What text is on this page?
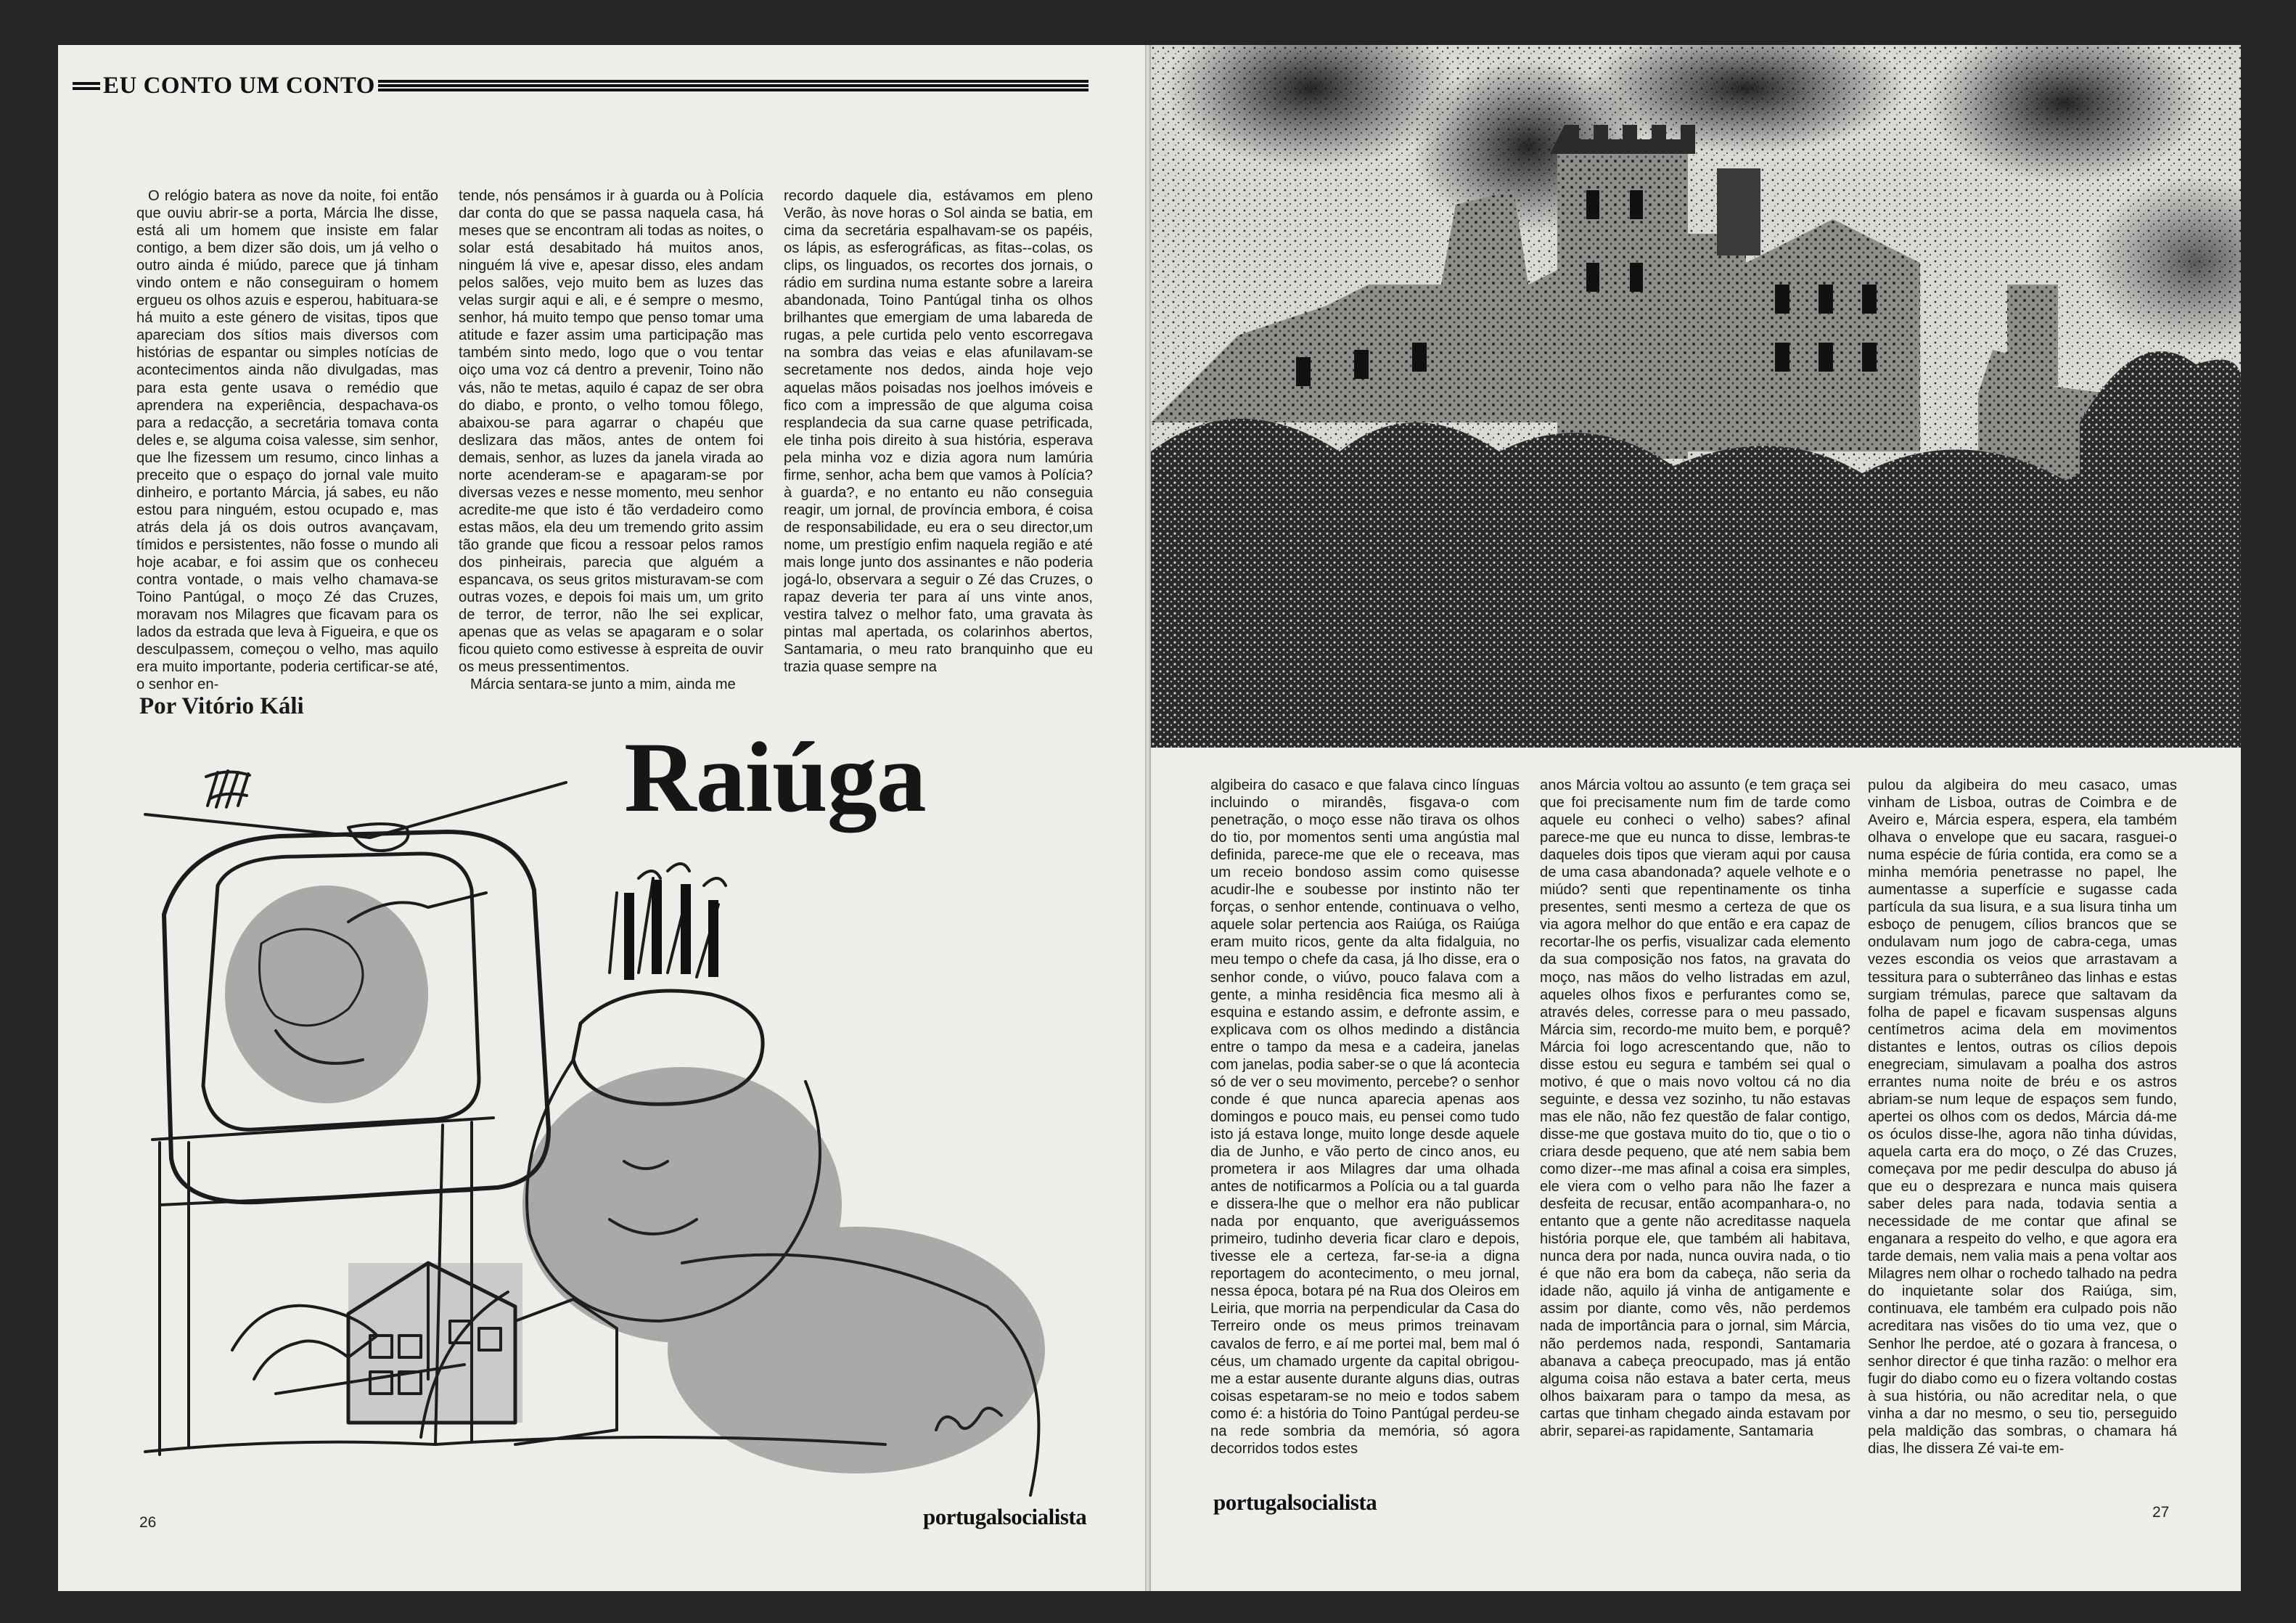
EU CONTO UM CONTO

O relógio batera as nove da noite, foi então que ouviu abrir-se a porta, Márcia lhe disse, está ali um homem que insiste em falar contigo, a bem dizer são dois, um já velho o outro ainda é miúdo, parece que já tinham vindo ontem e não conseguiram o homem ergueu os olhos azuis e esperou, habituara-se há muito a este género de visitas, tipos que apareciam dos sítios mais diversos com histórias de espantar ou simples notícias de acontecimentos ainda não divulgadas, mas para esta gente usava o remédio que aprendera na experiência, despachava-os para a redacção, a secretária tomava conta deles e, se alguma coisa valesse, sim senhor, que lhe fizessem um resumo, cinco linhas a preceito que o espaço do jornal vale muito dinheiro, e portanto Márcia, já sabes, eu não estou para ninguém, estou ocupado e, mas atrás dela já os dois outros avançavam, tímidos e persistentes, não fosse o mundo ali hoje acabar, e foi assim que os conheceu contra vontade, o mais velho chamava-se Toino Pantúgal, o moço Zé das Cruzes, moravam nos Milagres que ficavam para os lados da estrada que leva à Figueira, e que os desculpassem, começou o velho, mas aquilo era muito importante, poderia certificar-se até, o senhor en-

tende, nós pensámos ir à guarda ou à Polícia dar conta do que se passa naquela casa, há meses que se encontram ali todas as noites, o solar está desabitado há muitos anos, ninguém lá vive e, apesar disso, eles andam pelos salões, vejo muito bem as luzes das velas surgir aqui e ali, e é sempre o mesmo, senhor, há muito tempo que penso tomar uma atitude e fazer assim uma participação mas também sinto medo, logo que o vou tentar oiço uma voz cá dentro a prevenir, Toino não vás, não te metas, aquilo é capaz de ser obra do diabo, e pronto, o velho tomou fôlego, abaixou-se para agarrar o chapéu que deslizara das mãos, antes de ontem foi demais, senhor, as luzes da janela virada ao norte acenderam-se e apagaram-se por diversas vezes e nesse momento, meu senhor acredite-me que isto é tão verdadeiro como estas mãos, ela deu um tremendo grito assim tão grande que ficou a ressoar pelos ramos dos pinheirais, parecia que alguém a espancava, os seus gritos misturavam-se com outras vozes, e depois foi mais um, um grito de terror, de terror, não lhe sei explicar, apenas que as velas se apagaram e o solar ficou quieto como estivesse à espreita de ouvir os meus pressentimentos.

Márcia sentara-se junto a mim, ainda me

recordo daquele dia, estávamos em pleno Verão, às nove horas o Sol ainda se batia, em cima da secretária espalhavam-se os papéis, os lápis, as esferográficas, as fitas--colas, os clips, os linguados, os recortes dos jornais, o rádio em surdina numa estante sobre a lareira abandonada, Toino Pantúgal tinha os olhos brilhantes que emergiam de uma labareda de rugas, a pele curtida pelo vento escorregava na sombra das veias e elas afunilavam-se secretamente nos dedos, ainda hoje vejo aquelas mãos poisadas nos joelhos imóveis e fico com a impressão de que alguma coisa resplandecia da sua carne quase petrificada, ele tinha pois direito à sua história, esperava pela minha voz e dizia agora num lamúria firme, senhor, acha bem que vamos à Polícia? à guarda?, e no entanto eu não conseguia reagir, um jornal, de província embora, é coisa de responsabilidade, eu era o seu director,um nome, um prestígio enfim naquela região e até mais longe junto dos assinantes e não poderia jogá-lo, observara a seguir o Zé das Cruzes, o rapaz deveria ter para aí uns vinte anos, vestira talvez o melhor fato, uma gravata às pintas mal apertada, os colarinhos abertos, Santamaria, o meu rato branquinho que eu trazia quase sempre na

Por Vitório Káli
Raiúga
26	portugalsocialista

algibeira do casaco e que falava cinco línguas incluindo o mirandês, fisgava-o com penetração, o moço esse não tirava os olhos do tio, por momentos senti uma angústia mal definida, parece-me que ele o receava, mas um receio bondoso assim como quisesse acudir-lhe e soubesse por instinto não ter forças, o senhor entende, continuava o velho, aquele solar pertencia aos Raiúga, os Raiúga eram muito ricos, gente da alta fidalguia, no meu tempo o chefe da casa, já lho disse, era o senhor conde, o viúvo, pouco falava com a gente, a minha residência fica mesmo ali à esquina e estando assim, e defronte assim, e explicava com os olhos medindo a distância entre o tampo da mesa e a cadeira, janelas com janelas, podia saber-se o que lá acontecia só de ver o seu movimento, percebe? o senhor conde é que nunca aparecia apenas aos domingos e pouco mais, eu pensei como tudo isto já estava longe, muito longe desde aquele dia de Junho, e vão perto de cinco anos, eu prometera ir aos Milagres dar uma olhada antes de notificarmos a Polícia ou a tal guarda e dissera-lhe que o melhor era não publicar nada por enquanto, que averiguássemos primeiro, tudinho deveria ficar claro e depois, tivesse ele a certeza, far-se-ia a digna reportagem do acontecimento, o meu jornal, nessa época, botara pé na Rua dos Oleiros em Leiria, que morria na perpendicular da Casa do Terreiro onde os meus primos treinavam cavalos de ferro, e aí me portei mal, bem mal ó céus, um chamado urgente da capital obrigou-me a estar ausente durante alguns dias, outras coisas espetaram-se no meio e todos sabem como é: a história do Toino Pantúgal perdeu-se na rede sombria da memória, só agora decorridos todos estes

anos Márcia voltou ao assunto (e tem graça sei que foi precisamente num fim de tarde como aquele eu conheci o velho) sabes? afinal parece-me que eu nunca to disse, lembras-te daqueles dois tipos que vieram aqui por causa de uma casa abandonada? aquele velhote e o miúdo? senti que repentinamente os tinha presentes, senti mesmo a certeza de que os via agora melhor do que então e era capaz de recortar-lhe os perfis, visualizar cada elemento da sua composição nos fatos, na gravata do moço, nas mãos do velho listradas em azul, aqueles olhos fixos e perfurantes como se, através deles, corresse para o meu passado, Márcia sim, recordo-me muito bem, e porquê? Márcia foi logo acrescentando que, não to disse estou eu segura e também sei qual o motivo, é que o mais novo voltou cá no dia seguinte, e dessa vez sozinho, tu não estavas mas ele não, não fez questão de falar contigo, disse-me que gostava muito do tio, que o tio o criara desde pequeno, que até nem sabia bem como dizer--me mas afinal a coisa era simples, ele viera com o velho para não lhe fazer a desfeita de recusar, então acompanhara-o, no entanto que a gente não acreditasse naquela história porque ele, que também ali habitava, nunca dera por nada, nunca ouvira nada, o tio é que não era bom da cabeça, não seria da idade não, aquilo já vinha de antigamente e assim por diante, como vês, não perdemos nada de importância para o jornal, sim Márcia, não perdemos nada, respondi, Santamaria abanava a cabeça preocupado, mas já então alguma coisa não estava a bater certa, meus olhos baixaram para o tampo da mesa, as cartas que tinham chegado ainda estavam por abrir, separei-as rapidamente, Santamaria

pulou da algibeira do meu casaco, umas vinham de Lisboa, outras de Coimbra e de Aveiro e, Márcia espera, espera, ela também olhava o envelope que eu sacara, rasguei-o numa espécie de fúria contida, era como se a minha memória penetrasse no papel, lhe aumentasse a superfície e sugasse cada partícula da sua lisura, e a sua lisura tinha um esboço de penugem, cílios brancos que se ondulavam num jogo de cabra-cega, umas vezes escondia os veios que arrastavam a tessitura para o subterrâneo das linhas e estas surgiam trémulas, parece que saltavam da folha de papel e ficavam suspensas alguns centímetros acima dela em movimentos distantes e lentos, outras os cílios depois enegreciam, simulavam a poalha dos astros errantes numa noite de bréu e os astros abriam-se num leque de espaços sem fundo, apertei os olhos com os dedos, Márcia dá-me os óculos disse-lhe, agora não tinha dúvidas, aquela carta era do moço, o Zé das Cruzes, começava por me pedir desculpa do abuso já que eu o desprezara e nunca mais quisera saber deles para nada, todavia sentia a necessidade de me contar que afinal se enganara a respeito do velho, e que agora era tarde demais, nem valia mais a pena voltar aos Milagres nem olhar o rochedo talhado na pedra do inquietante solar dos Raiúga, sim, continuava, ele também era culpado pois não acreditara nas visões do tio uma vez, que o Senhor lhe perdoe, até o gozara à francesa, o senhor director é que tinha razão: o melhor era fugir do diabo como eu o fizera voltando costas à sua história, ou não acreditar nela, o que vinha a dar no mesmo, o seu tio, perseguido pela maldição das sombras, o chamara há dias, lhe dissera Zé vai-te em-

portugalsocialista	27
